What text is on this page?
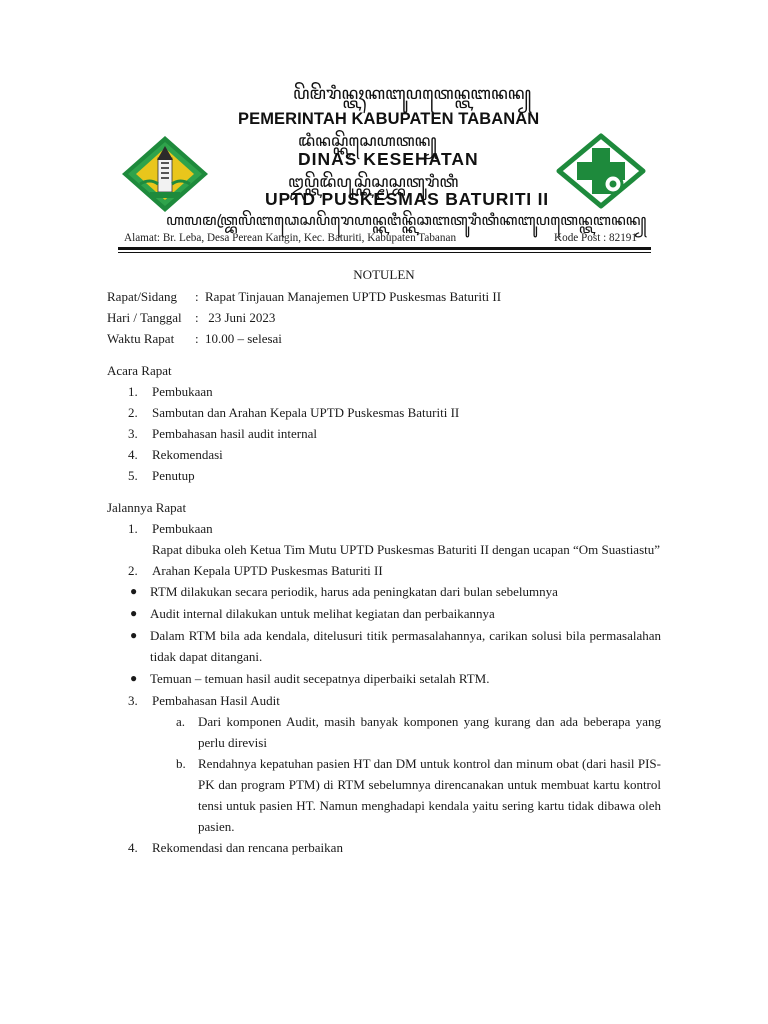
ꦥꦼꦩꦼꦫꦶꦤ꧀ꦠꦃꦏꦧꦸꦥꦠꦺꦤ꧀ꦠꦧꦤꦤ꧀
PEMERINTAH KABUPATEN TABANAN
ꦢꦶꦤꦱ꧀ꦏꦼꦱꦺꦲꦠꦤ꧀
DINAS KESEHATAN
ꦈꦥ꧀ꦠꦼꦢꦼꦥꦸꦱ꧀ꦏꦼꦱ꧀ꦩꦱ꧀ꦧꦠꦸꦫꦶꦠꦶ
UPTD PUSKESMAS BATURITI II
ꦲꦭꦩꦠ꧀ꦧꦿꦭꦼꦧꦣꦺꦱꦥꦼꦫꦺꦲꦤ꧀ꦏꦔꦶꦤ꧀ꦏꦼꦕꦧꦠꦸꦫꦶꦠꦶꦏꦧꦸꦥꦠꦺꦤ꧀ꦠꦧꦤꦤ꧀
Alamat: Br. Leba, Desa Perean Kangin, Kec. Baturiti, Kabupaten Tabanan	Kode Post : 82191
NOTULEN
Rapat/Sidang	: Rapat Tinjauan Manajemen UPTD Puskesmas Baturiti II
Hari / Tanggal	: 23 Juni 2023
Waktu Rapat	: 10.00 – selesai
Acara Rapat
1. Pembukaan
2. Sambutan dan Arahan Kepala UPTD Puskesmas Baturiti II
3. Pembahasan hasil audit internal
4. Rekomendasi
5. Penutup
Jalannya Rapat
1. Pembukaan
Rapat dibuka oleh Ketua Tim Mutu UPTD Puskesmas Baturiti II dengan ucapan “Om Suastiastu”
2. Arahan Kepala UPTD Puskesmas Baturiti II
● RTM dilakukan secara periodik, harus ada peningkatan dari bulan sebelumnya
● Audit internal dilakukan untuk melihat kegiatan dan perbaikannya
● Dalam RTM bila ada kendala, ditelusuri titik permasalahannya, carikan solusi bila permasalahan tidak dapat ditangani.
● Temuan – temuan hasil audit secepatnya diperbaiki setalah RTM.
3. Pembahasan Hasil Audit
a. Dari komponen Audit, masih banyak komponen yang kurang dan ada beberapa yang perlu direvisi
b. Rendahnya kepatuhan pasien HT dan DM untuk kontrol dan minum obat (dari hasil PIS-PK dan program PTM) di RTM sebelumnya direncanakan untuk membuat kartu kontrol tensi untuk pasien HT. Namun menghadapi kendala yaitu sering kartu tidak dibawa oleh pasien.
4. Rekomendasi dan rencana perbaikan
